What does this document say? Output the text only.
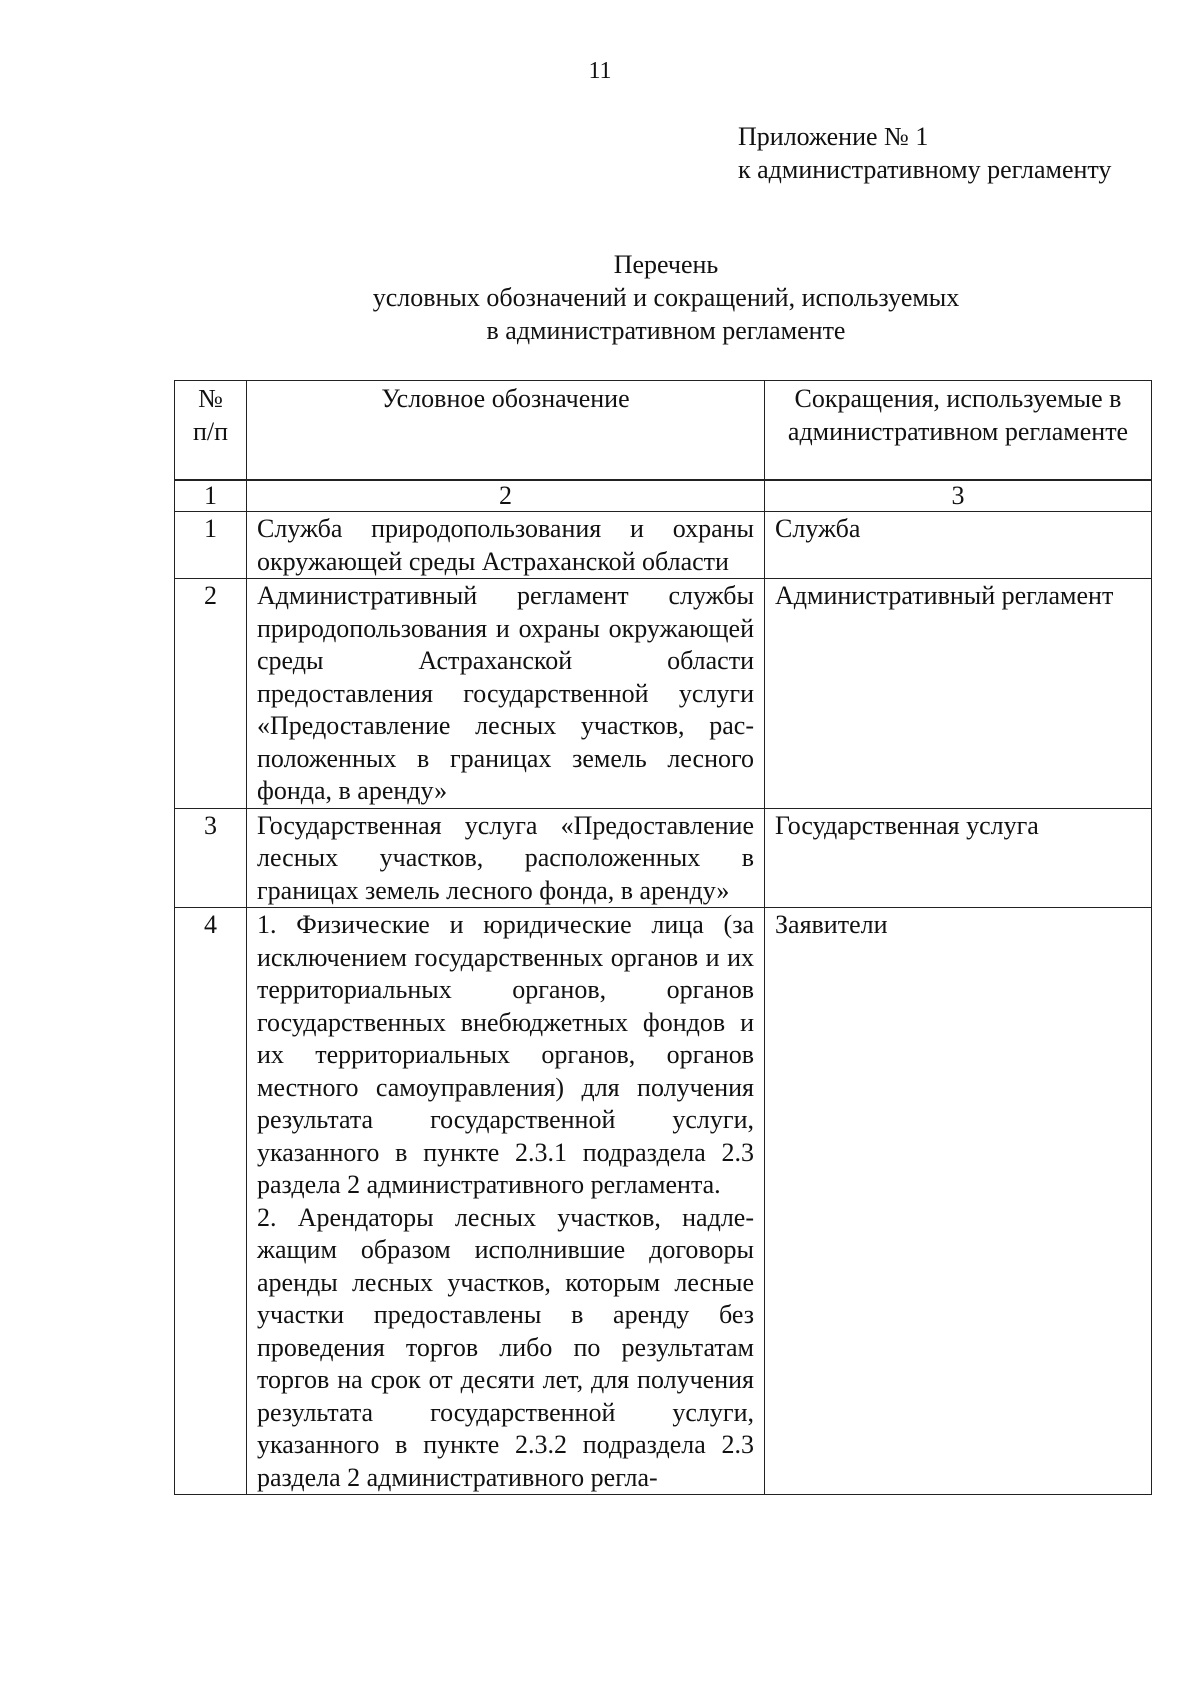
11
Приложение № 1
к административному регламенту
Перечень
условных обозначений и сокращений, используемых
в административном регламенте
№
п/п	Условное обозначение	Сокращения, используемые в административном регламенте

1	2	3
1	Служба природопользования и охраны окружающей среды Астраханской области	Служба
2	Административный регламент службы природопользования и охраны окружающей среды Астраханской области предоставления государственной услуги «Предоставление лесных участков, расположенных в границах земель лесного фонда, в аренду»	Административный регламент
3	Государственная услуга «Предоставление лесных участков, расположенных в границах земель лесного фонда, в аренду»	Государственная услуга
4	1. Физические и юридические лица (за исключением государственных органов и их территориальных органов, органов государственных внебюджетных фондов и их территориальных органов, органов местного самоуправления) для получения результата государственной услуги, указанного в пункте 2.3.1 подраздела 2.3 раздела 2 административного регламента.
2. Арендаторы лесных участков, надлежащим образом исполнившие договоры аренды лесных участков, которым лесные участки предоставлены в аренду без проведения торгов либо по результатам торгов на срок от десяти лет, для получения результата государственной услуги, указанного в пункте 2.3.2 подраздела 2.3 раздела 2 административного регла-	Заявители
